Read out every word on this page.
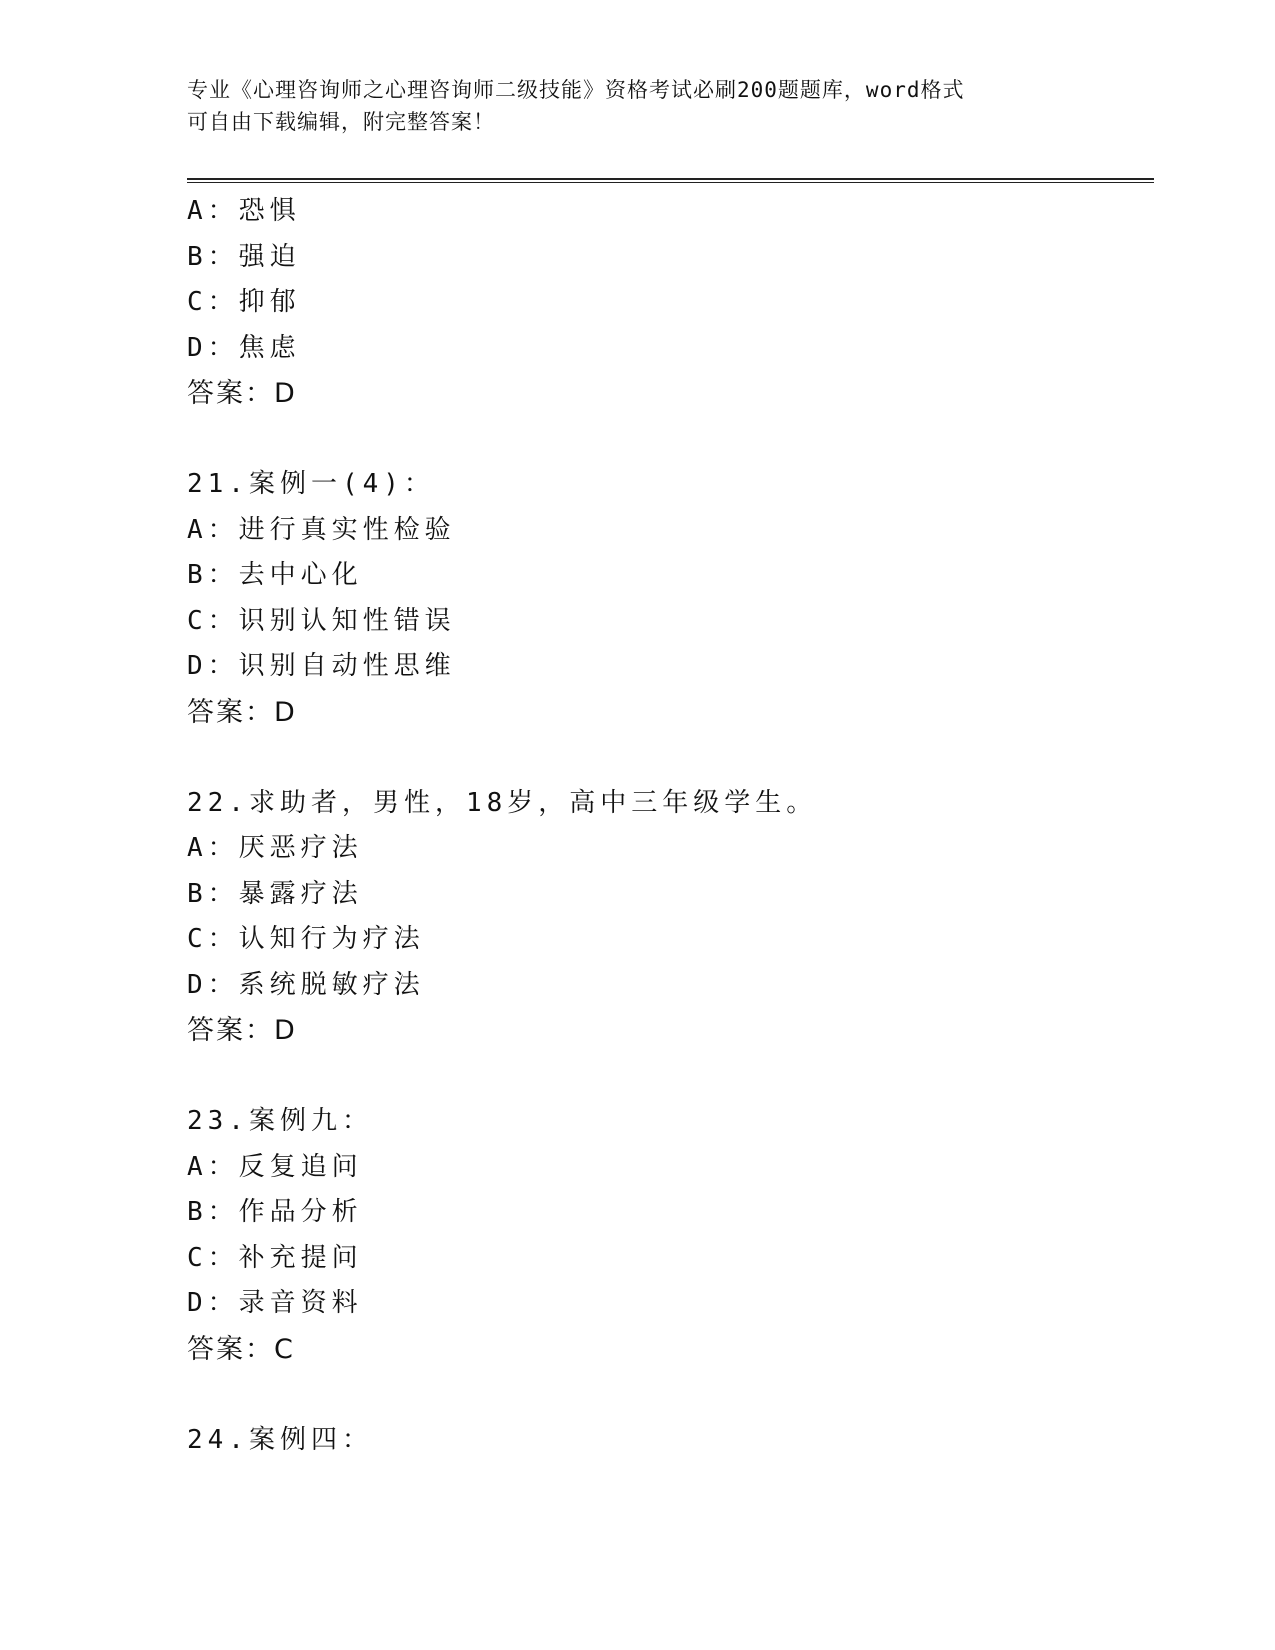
专业《心理咨询师之心理咨询师二级技能》资格考试必刷200题题库，word格式
可自由下载编辑，附完整答案！
A：恐惧
B：强迫
C：抑郁
D：焦虑
答案：D
21.案例一(4)：
A：进行真实性检验
B：去中心化
C：识别认知性错误
D：识别自动性思维
答案：D
22.求助者，男性，18岁，高中三年级学生。
A：厌恶疗法
B：暴露疗法
C：认知行为疗法
D：系统脱敏疗法
答案：D
23.案例九：
A：反复追问
B：作品分析
C：补充提问
D：录音资料
答案：C
24.案例四：
